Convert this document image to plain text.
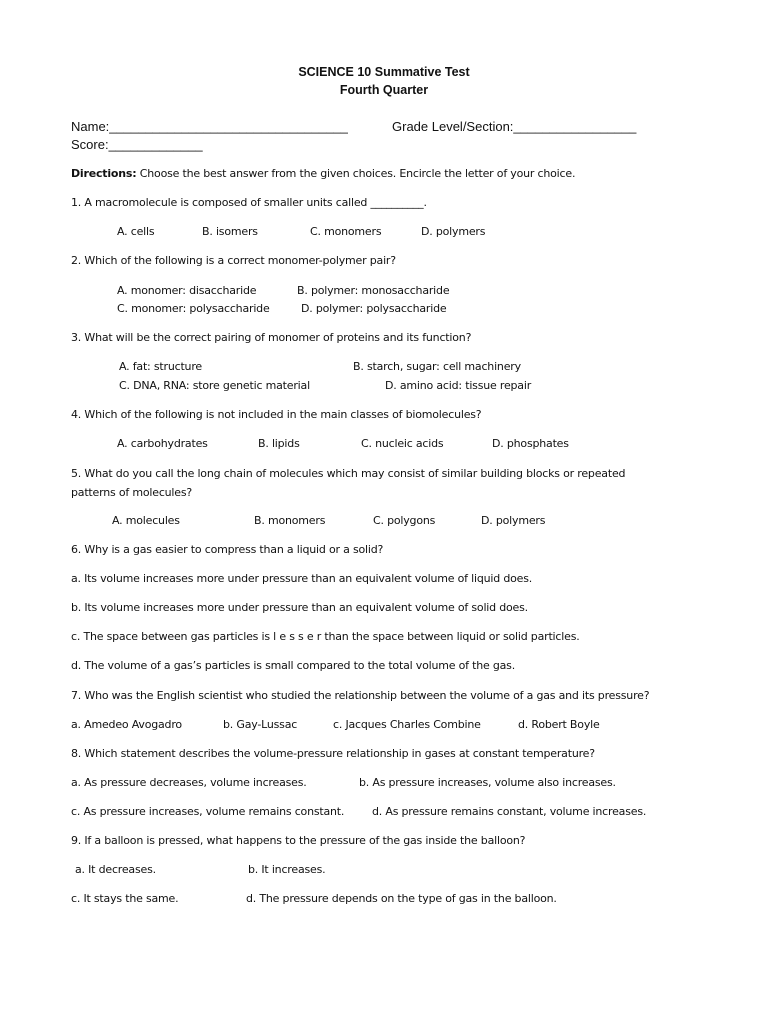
SCIENCE 10 Summative Test
Fourth Quarter
Name:_________________________________	Grade Level/Section:_________________
Score:_____________
Directions: Choose the best answer from the given choices. Encircle the letter of your choice.
1. A macromolecule is composed of smaller units called __________.
A. cells	B. isomers	C. monomers	D. polymers
2. Which of the following is a correct monomer-polymer pair?
A. monomer: disaccharide	B. polymer: monosaccharide
C. monomer: polysaccharide	D. polymer: polysaccharide
3. What will be the correct pairing of monomer of proteins and its function?
A. fat: structure	B. starch, sugar: cell machinery
C. DNA, RNA: store genetic material	D. amino acid: tissue repair
4. Which of the following is not included in the main classes of biomolecules?
A. carbohydrates	B. lipids	C. nucleic acids	D. phosphates
5. What do you call the long chain of molecules which may consist of similar building blocks or repeated
patterns of molecules?
A. molecules	B. monomers	C. polygons	D. polymers
6. Why is a gas easier to compress than a liquid or a solid?
a. Its volume increases more under pressure than an equivalent volume of liquid does.
b. Its volume increases more under pressure than an equivalent volume of solid does.
c. The space between gas particles is l e s s e r than the space between liquid or solid particles.
d. The volume of a gas’s particles is small compared to the total volume of the gas.
7. Who was the English scientist who studied the relationship between the volume of a gas and its pressure?
a. Amedeo Avogadro	b. Gay-Lussac	c. Jacques Charles Combine	d. Robert Boyle
8. Which statement describes the volume-pressure relationship in gases at constant temperature?
a. As pressure decreases, volume increases.	b. As pressure increases, volume also increases.
c. As pressure increases, volume remains constant.	d. As pressure remains constant, volume increases.
9. If a balloon is pressed, what happens to the pressure of the gas inside the balloon?
a. It decreases.	b. It increases.
c. It stays the same.	d. The pressure depends on the type of gas in the balloon.
